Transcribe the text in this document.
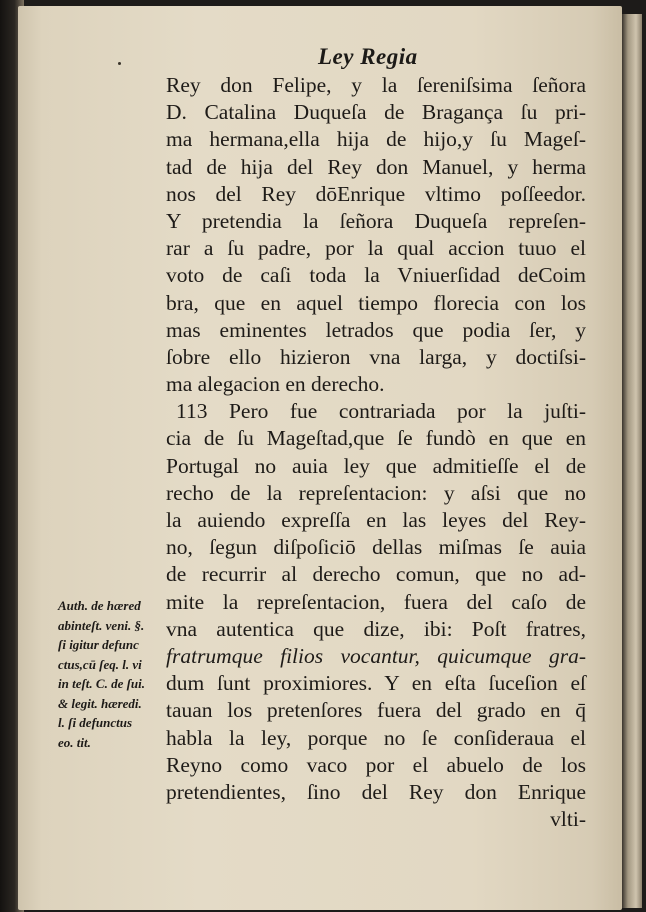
Ley Regia
Rey don Felipe, y la ſereniſsima ſeñora
D. Catalina Duqueſa de Bragança ſu pri-
ma hermana,ella hija de hijo,y ſu Mageſ-
tad de hija del Rey don Manuel, y herma
nos del Rey dōEnrique vltimo poſſeedor.
Y pretendia la ſeñora Duqueſa repreſen-
rar a ſu padre, por la qual accion tuuo el
voto de caſi toda la Vniuerſidad deCoim
bra, que en aquel tiempo florecia con los
mas eminentes letrados que podia ſer, y
ſobre ello hizieron vna larga, y doctiſsi-
ma alegacion en derecho.
113 Pero fue contrariada por la juſti-
cia de ſu Mageſtad,que ſe fundò en que en
Portugal no auia ley que admitieſſe el de
recho de la repreſentacion: y aſsi que no
la auiendo expreſſa en las leyes del Rey-
no, ſegun diſpoſiciō dellas miſmas ſe auia
de recurrir al derecho comun, que no ad-
mite la repreſentacion, fuera del caſo de
vna autentica que dize, ibi: Poſt fratres,
fratrumque filios vocantur, quicumque gra-
dum ſunt proximiores. Y en eſta ſuceſion eſ
tauan los pretenſores fuera del grado en q̄
habla la ley, porque no ſe conſideraua el
Reyno como vaco por el abuelo de los
pretendientes, ſino del Rey don Enrique
vlti-
Auth. de hæred
abinteſt. veni. §.
ſi igitur defunc
ctus,cū ſeq. l. vi
in teſt. C. de ſui.
& legit. hæredi.
l. ſi defunctus
eo. tit.
